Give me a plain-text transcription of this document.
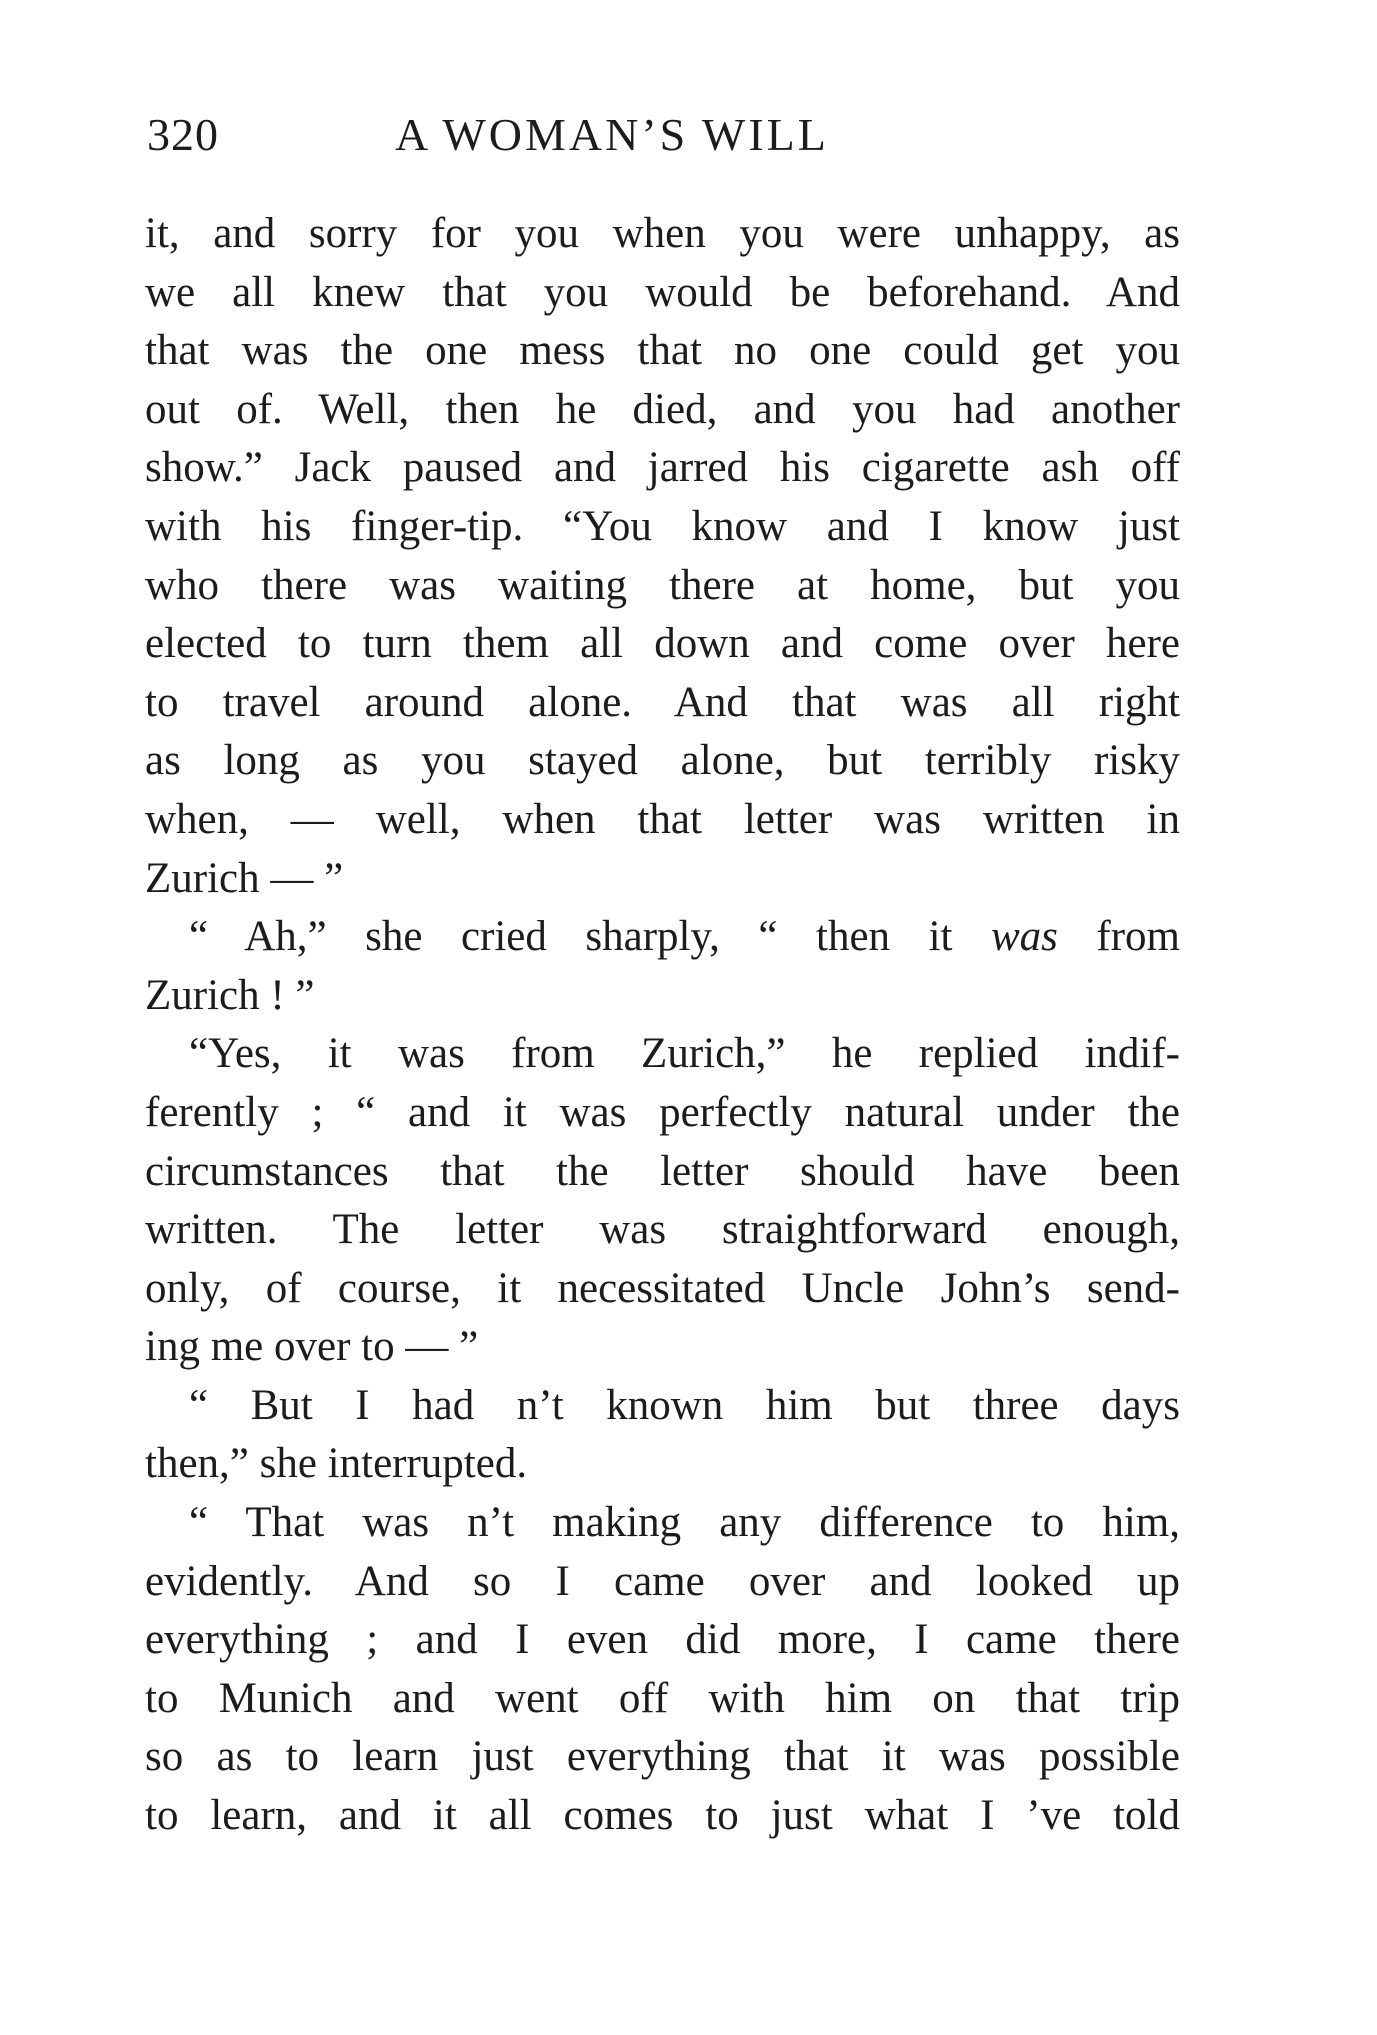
320	A WOMAN’S WILL
it, and sorry for you when you were unhappy, as
we all knew that you would be beforehand. And
that was the one mess that no one could get you
out of. Well, then he died, and you had another
show.” Jack paused and jarred his cigarette ash off
with his finger-tip. “You know and I know just
who there was waiting there at home, but you
elected to turn them all down and come over here
to travel around alone. And that was all right
as long as you stayed alone, but terribly risky
when, — well, when that letter was written in
Zurich — ”
“ Ah,” she cried sharply, “ then it was from
Zurich ! ”
“Yes, it was from Zurich,” he replied indif-
ferently ; “ and it was perfectly natural under the
circumstances that the letter should have been
written. The letter was straightforward enough,
only, of course, it necessitated Uncle John’s send-
ing me over to — ”
“ But I had n’t known him but three days
then,” she interrupted.
“ That was n’t making any difference to him,
evidently. And so I came over and looked up
everything ; and I even did more, I came there
to Munich and went off with him on that trip
so as to learn just everything that it was possible
to learn, and it all comes to just what I ’ve told
